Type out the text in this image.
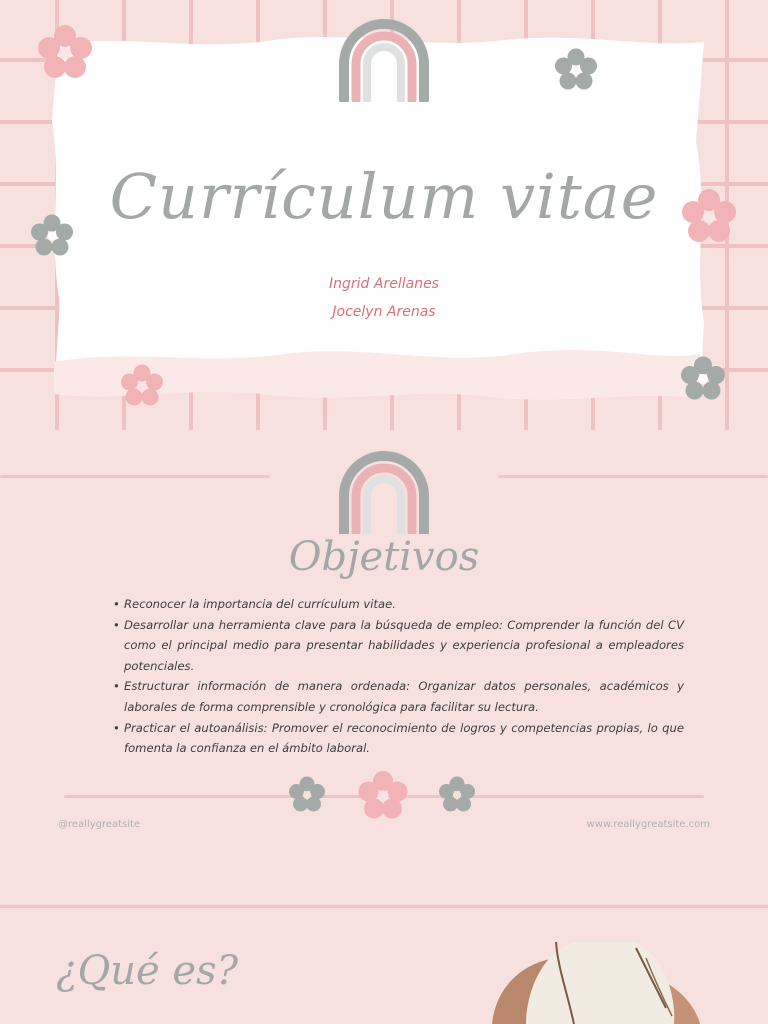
Currículum vitae
Ingrid Arellanes
Jocelyn Arenas
Objetivos
• Reconocer la importancia del currículum vitae.
• Desarrollar una herramienta clave para la búsqueda de empleo: Comprender la función del CV como el principal medio para presentar habilidades y experiencia profesional a empleadores potenciales.
• Estructurar información de manera ordenada: Organizar datos personales, académicos y laborales de forma comprensible y cronológica para facilitar su lectura.
• Practicar el autoanálisis: Promover el reconocimiento de logros y competencias propias, lo que fomenta la confianza en el ámbito laboral.
@reallygreatsite	www.reallygreatsite.com
¿Qué es?
